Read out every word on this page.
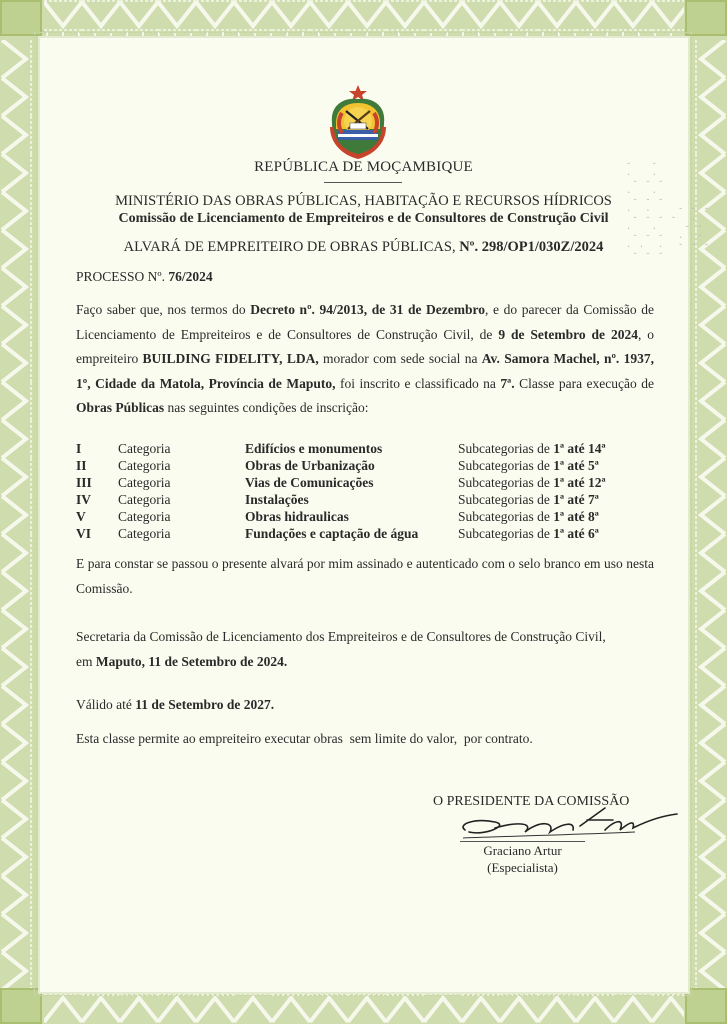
REPÚBLICA DE MOÇAMBIQUE
MINISTÉRIO DAS OBRAS PÚBLICAS, HABITAÇÃO E RECURSOS HÍDRICOS
Comissão de Licenciamento de Empreiteiros e de Consultores de Construção Civil
ALVARÁ DE EMPREITEIRO DE OBRAS PÚBLICAS, Nº. 298/OP1/030Z/2024
PROCESSO Nº. 76/2024
Faço saber que, nos termos do Decreto nº. 94/2013, de 31 de Dezembro, e do parecer da Comissão de Licenciamento de Empreiteiros e de Consultores de Construção Civil, de 9 de Setembro de 2024, o empreiteiro BUILDING FIDELITY, LDA, morador com sede social na Av. Samora Machel, nº. 1937, 1º, Cidade da Matola, Província de Maputo, foi inscrito e classificado na 7ª. Classe para execução de Obras Públicas nas seguintes condições de inscrição:
I	Categoria	Edifícios e monumentos	Subcategorias de 1ª até 14ª
II	Categoria	Obras de Urbanização	Subcategorias de 1ª até 5ª
III	Categoria	Vias de Comunicações	Subcategorias de 1ª até 12ª
IV	Categoria	Instalações	Subcategorias de 1ª até 7ª
V	Categoria	Obras hidraulicas	Subcategorias de 1ª até 8ª
VI	Categoria	Fundações e captação de água	Subcategorias de 1ª até 6ª
E para constar se passou o presente alvará por mim assinado e autenticado com o selo branco em uso nesta Comissão.
Secretaria da Comissão de Licenciamento dos Empreiteiros e de Consultores de Construção Civil,
em Maputo, 11 de Setembro de 2024.
Válido até 11 de Setembro de 2027.
Esta classe permite ao empreiteiro executar obras  sem limite do valor,  por contrato.
O PRESIDENTE DA COMISSÃO
Graciano Artur
(Especialista)
-   -
.   .
- - -
.   .
- - -
.  .
- - - -
.   .
- - -
. .  .
- - -
- - -
.
- -
.  -
- - -
